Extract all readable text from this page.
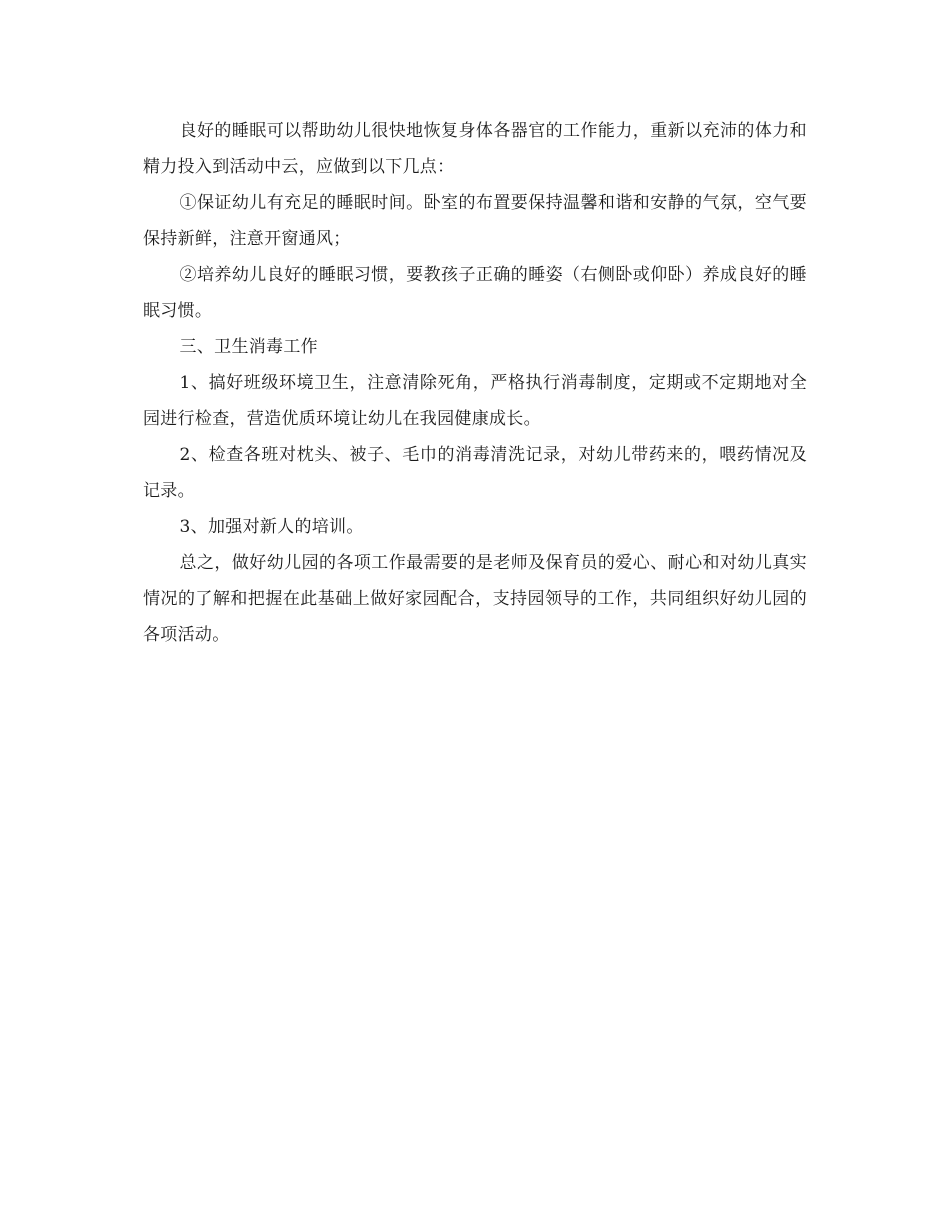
良好的睡眠可以帮助幼儿很快地恢复身体各器官的工作能力，重新以充沛的体力和精力投入到活动中云，应做到以下几点：

①保证幼儿有充足的睡眠时间。卧室的布置要保持温馨和谐和安静的气氛，空气要保持新鲜，注意开窗通风；

②培养幼儿良好的睡眠习惯，要教孩子正确的睡姿（右侧卧或仰卧）养成良好的睡眠习惯。

三、卫生消毒工作

1、搞好班级环境卫生，注意清除死角，严格执行消毒制度，定期或不定期地对全园进行检查，营造优质环境让幼儿在我园健康成长。

2、检查各班对枕头、被子、毛巾的消毒清洗记录，对幼儿带药来的，喂药情况及记录。

3、加强对新人的培训。

总之，做好幼儿园的各项工作最需要的是老师及保育员的爱心、耐心和对幼儿真实情况的了解和把握在此基础上做好家园配合，支持园领导的工作，共同组织好幼儿园的各项活动。
